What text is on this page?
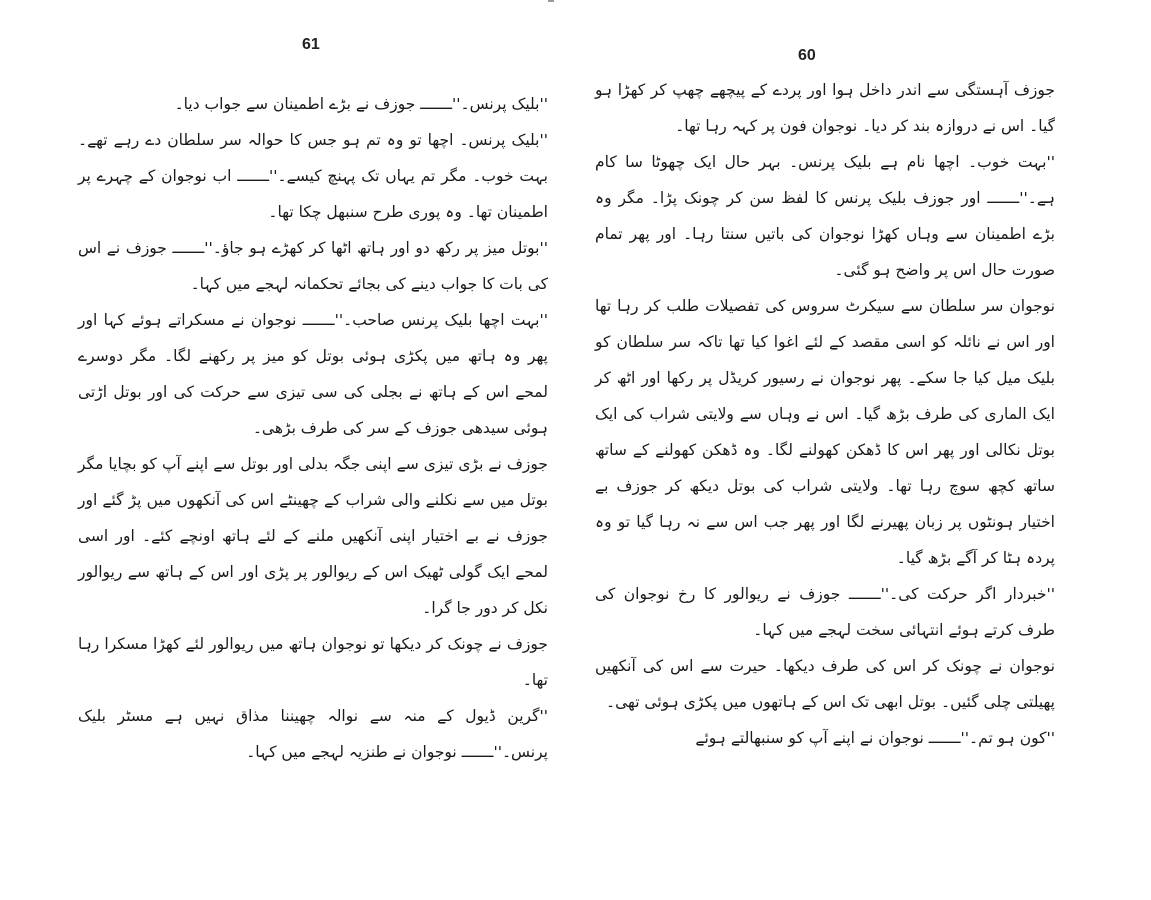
61

''بلیک پرنس۔''ـــــــ جوزف نے بڑے اطمینان سے جواب دیا۔

''بلیک پرنس۔ اچھا تو وہ تم ہو جس کا حوالہ سر سلطان دے رہے تھے۔ بہت خوب۔ مگر تم یہاں تک پہنچ کیسے۔''ـــــــ اب نوجوان کے چہرے پر اطمینان تھا۔ وہ پوری طرح سنبھل چکا تھا۔

''بوتل میز پر رکھ دو اور ہاتھ اٹھا کر کھڑے ہو جاؤ۔''ـــــــ جوزف نے اس کی بات کا جواب دینے کی بجائے تحکمانہ لہجے میں کہا۔

''بہت اچھا بلیک پرنس صاحب۔''ـــــــ نوجوان نے مسکراتے ہوئے کہا اور پھر وہ ہاتھ میں پکڑی ہوئی بوتل کو میز پر رکھنے لگا۔ مگر دوسرے لمحے اس کے ہاتھ نے بجلی کی سی تیزی سے حرکت کی اور بوتل اڑتی ہوئی سیدھی جوزف کے سر کی طرف بڑھی۔

جوزف نے بڑی تیزی سے اپنی جگہ بدلی اور بوتل سے اپنے آپ کو بچایا مگر بوتل میں سے نکلنے والی شراب کے چھینٹے اس کی آنکھوں میں پڑ گئے اور جوزف نے بے اختیار اپنی آنکھیں ملنے کے لئے ہاتھ اونچے کئے۔ اور اسی لمحے ایک گولی ٹھیک اس کے ریوالور پر پڑی اور اس کے ہاتھ سے ریوالور نکل کر دور جا گرا۔

جوزف نے چونک کر دیکھا تو نوجوان ہاتھ میں ریوالور لئے کھڑا مسکرا رہا تھا۔

''گرین ڈیول کے منہ سے نوالہ چھیننا مذاق نہیں ہے مسٹر بلیک پرنس۔''ـــــــ نوجوان نے طنزیہ لہجے میں کہا۔

60

جوزف آہستگی سے اندر داخل ہوا اور پردے کے پیچھے چھپ کر کھڑا ہو گیا۔ اس نے دروازہ بند کر دیا۔ نوجوان فون پر کہہ رہا تھا۔

''بہت خوب۔ اچھا نام ہے بلیک پرنس۔ بہر حال ایک چھوٹا سا کام ہے۔''ـــــــ اور جوزف بلیک پرنس کا لفظ سن کر چونک پڑا۔ مگر وہ بڑے اطمینان سے وہاں کھڑا نوجوان کی باتیں سنتا رہا۔ اور پھر تمام صورت حال اس پر واضح ہو گئی۔

نوجوان سر سلطان سے سیکرٹ سروس کی تفصیلات طلب کر رہا تھا اور اس نے نائلہ کو اسی مقصد کے لئے اغوا کیا تھا تاکہ سر سلطان کو بلیک میل کیا جا سکے۔ پھر نوجوان نے رسیور کریڈل پر رکھا اور اٹھ کر ایک الماری کی طرف بڑھ گیا۔ اس نے وہاں سے ولایتی شراب کی ایک بوتل نکالی اور پھر اس کا ڈھکن کھولنے لگا۔ وہ ڈھکن کھولنے کے ساتھ ساتھ کچھ سوچ رہا تھا۔ ولایتی شراب کی بوتل دیکھ کر جوزف بے اختیار ہونٹوں پر زبان پھیرنے لگا اور پھر جب اس سے نہ رہا گیا تو وہ پردہ ہٹا کر آگے بڑھ گیا۔

''خبردار اگر حرکت کی۔''ـــــــ جوزف نے ریوالور کا رخ نوجوان کی طرف کرتے ہوئے انتہائی سخت لہجے میں کہا۔

نوجوان نے چونک کر اس کی طرف دیکھا۔ حیرت سے اس کی آنکھیں پھیلتی چلی گئیں۔ بوتل ابھی تک اس کے ہاتھوں میں پکڑی ہوئی تھی۔

''کون ہو تم۔''ـــــــ نوجوان نے اپنے آپ کو سنبھالتے ہوئے
